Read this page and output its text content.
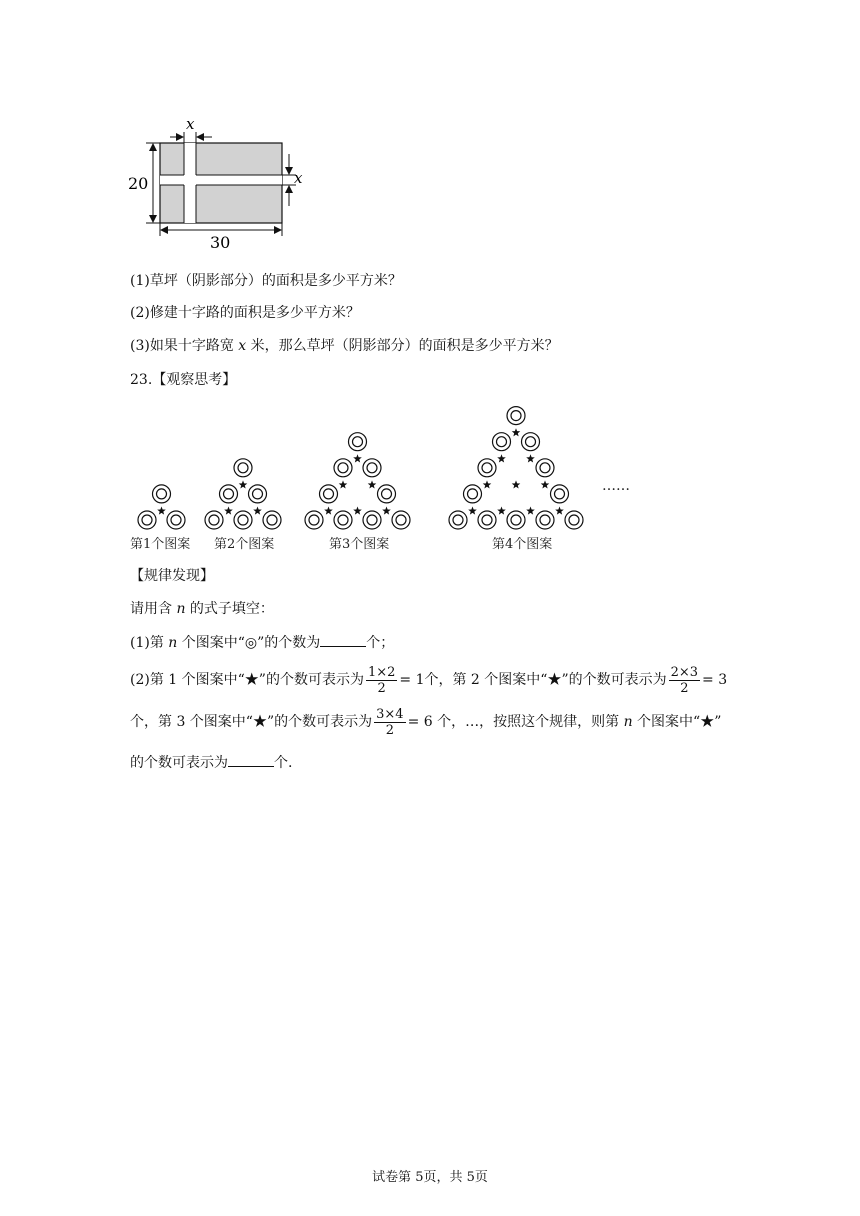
x
x
20
30
(1)草坪（阴影部分）的面积是多少平方米？
(2)修建十字路的面积是多少平方米？
(3)如果十字路宽 x 米，那么草坪（阴影部分）的面积是多少平方米？
23.【观察思考】
第1个图案 第2个图案	第3个图案	第4个图案
……
【规律发现】
请用含 n 的式子填空：
(1)第 n 个图案中“◎”的个数为	个；
(2)第 1 个图案中“★”的个数可表示为 $\frac{1\times 2}{2} = 1$个，第 2 个图案中“★”的个数可表示为 $\frac{2\times 3}{2} = 3$
个，第 3 个图案中“★”的个数可表示为 $\frac{3\times 4}{2} = 6$ 个，…，按照这个规律，则第 n 个图案中“★”
的个数可表示为	个.
试卷第 5页，共 5页
